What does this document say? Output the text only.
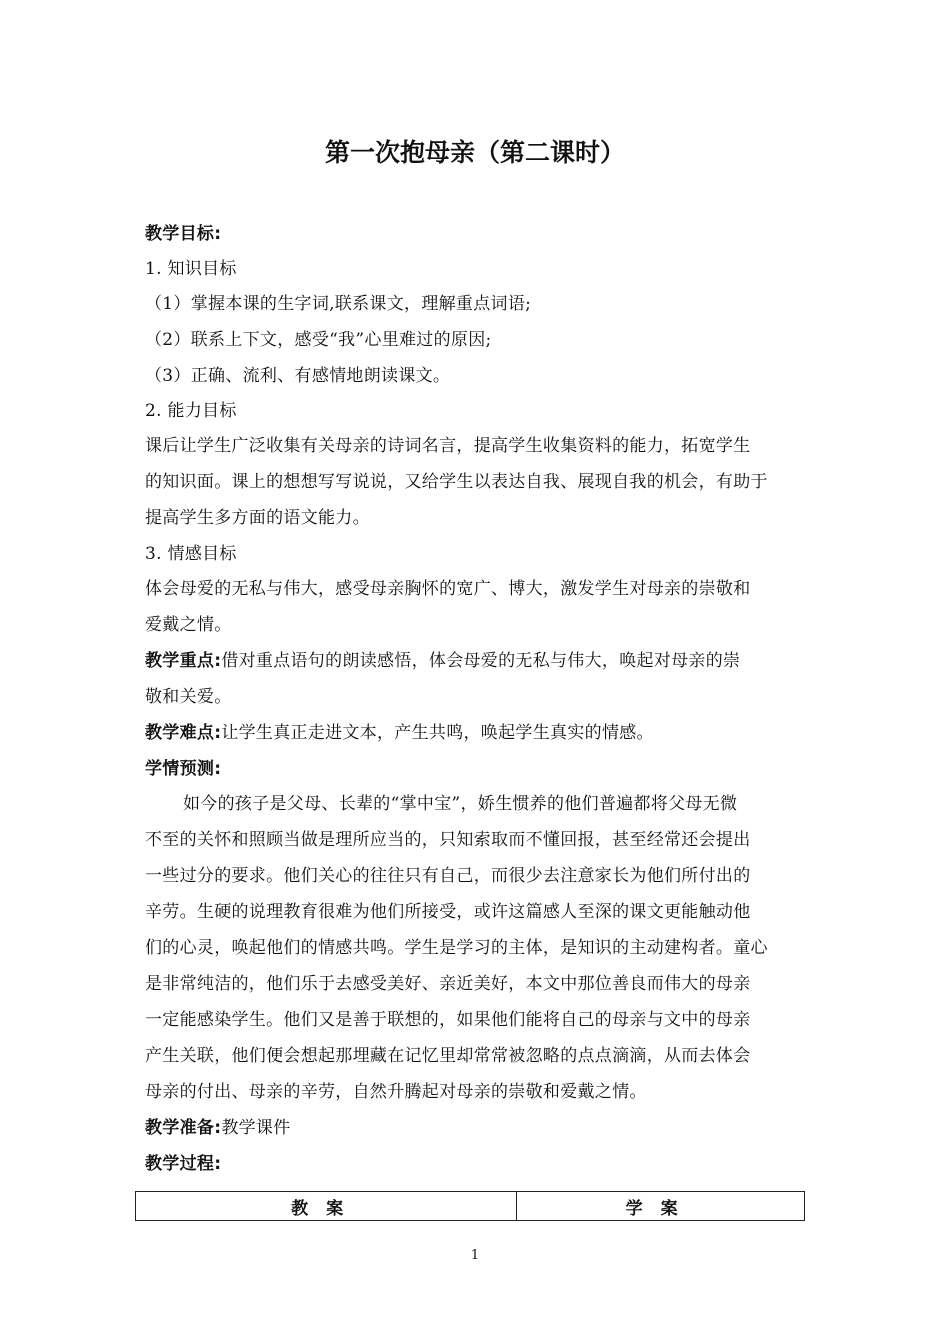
第一次抱母亲（第二课时）
教学目标:
1. 知识目标
（1）掌握本课的生字词,联系课文，理解重点词语;
（2）联系上下文，感受“我”心里难过的原因;
（3）正确、流利、有感情地朗读课文。
2. 能力目标
课后让学生广泛收集有关母亲的诗词名言，提高学生收集资料的能力，拓宽学生
的知识面。课上的想想写写说说，又给学生以表达自我、展现自我的机会，有助于
提高学生多方面的语文能力。
3. 情感目标
体会母爱的无私与伟大，感受母亲胸怀的宽广、博大，激发学生对母亲的崇敬和
爱戴之情。
教学重点:借对重点语句的朗读感悟，体会母爱的无私与伟大，唤起对母亲的崇
敬和关爱。
教学难点:让学生真正走进文本，产生共鸣，唤起学生真实的情感。
学情预测:
如今的孩子是父母、长辈的“掌中宝”，娇生惯养的他们普遍都将父母无微
不至的关怀和照顾当做是理所应当的，只知索取而不懂回报，甚至经常还会提出
一些过分的要求。他们关心的往往只有自己，而很少去注意家长为他们所付出的
辛劳。生硬的说理教育很难为他们所接受，或许这篇感人至深的课文更能触动他
们的心灵，唤起他们的情感共鸣。学生是学习的主体，是知识的主动建构者。童心
是非常纯洁的，他们乐于去感受美好、亲近美好，本文中那位善良而伟大的母亲
一定能感染学生。他们又是善于联想的，如果他们能将自己的母亲与文中的母亲
产生关联，他们便会想起那埋藏在记忆里却常常被忽略的点点滴滴，从而去体会
母亲的付出、母亲的辛劳，自然升腾起对母亲的崇敬和爱戴之情。
教学准备:教学课件
教学过程:
教案	学案
1
